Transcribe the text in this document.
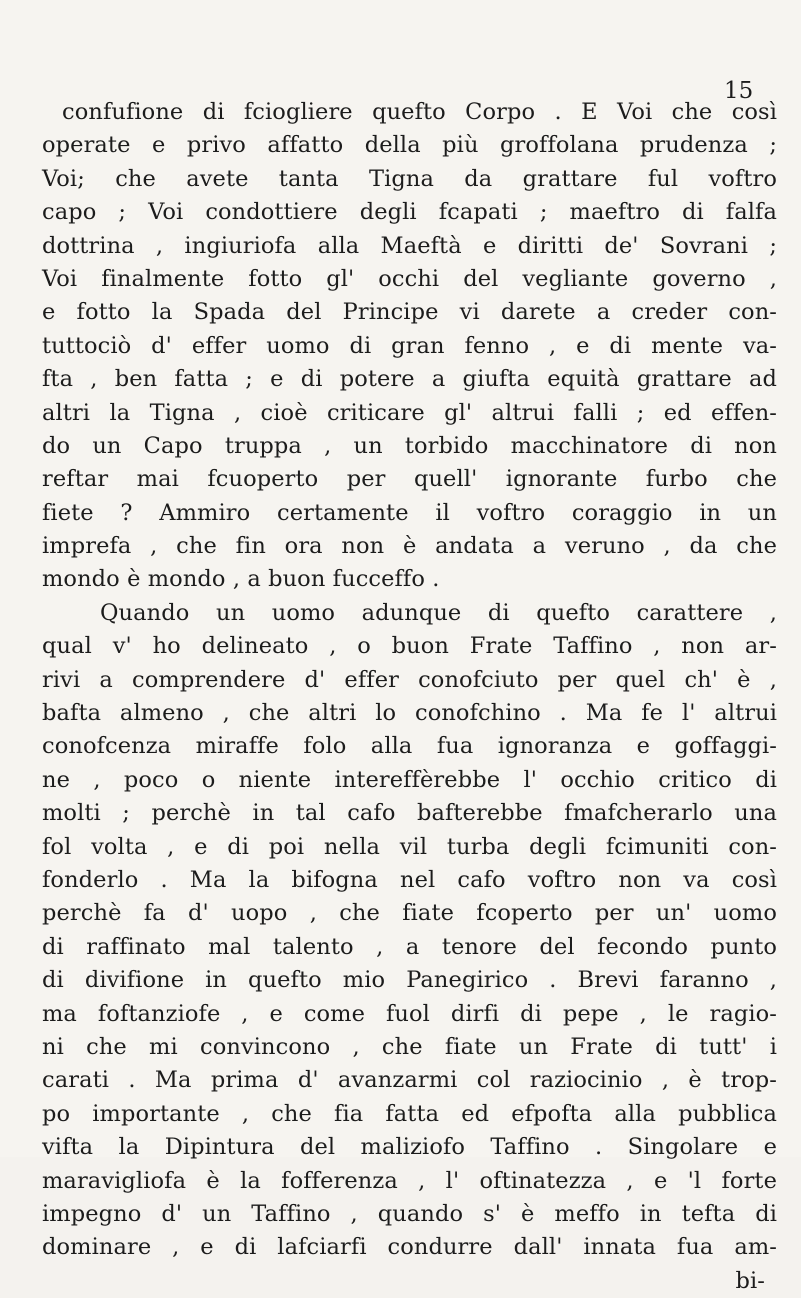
15
confufione di fciogliere quefto Corpo . E Voi che così
operate e privo affatto della più groffolana prudenza ;
Voi; che avete tanta Tigna da grattare ful voftro
capo ; Voi condottiere degli fcapati ; maeftro di falfa
dottrina , ingiuriofa alla Maeftà e diritti de' Sovrani ;
Voi finalmente fotto gl' occhi del vegliante governo ,
e fotto la Spada del Principe vi darete a creder con-
tuttociò d' effer uomo di gran fenno , e di mente va-
fta , ben fatta ; e di potere a giufta equità grattare ad
altri la Tigna , cioè criticare gl' altrui falli ; ed effen-
do un Capo truppa , un torbido macchinatore di non
reftar mai fcuoperto per quell' ignorante furbo che
fiete ? Ammiro certamente il voftro coraggio in un
imprefa , che fin ora non è andata a veruno , da che
mondo è mondo , a buon fucceffo .
Quando un uomo adunque di quefto carattere ,
qual v' ho delineato , o buon Frate Taffino , non ar-
rivi a comprendere d' effer conofciuto per quel ch' è ,
bafta almeno , che altri lo conofchino . Ma fe l' altrui
conofcenza miraffe folo alla fua ignoranza e goffaggi-
ne , poco o niente intereffèrebbe l' occhio critico di
molti ; perchè in tal cafo bafterebbe fmafcherarlo una
fol volta , e di poi nella vil turba degli fcimuniti con-
fonderlo . Ma la bifogna nel cafo voftro non va così
perchè fa d' uopo , che fiate fcoperto per un' uomo
di raffinato mal talento , a tenore del fecondo punto
di divifione in quefto mio Panegirico . Brevi faranno ,
ma foftanziofe , e come fuol dirfi di pepe , le ragio-
ni che mi convincono , che fiate un Frate di tutt' i
carati . Ma prima d' avanzarmi col raziocinio , è trop-
po importante , che fia fatta ed efpofta alla pubblica
vifta la Dipintura del maliziofo Taffino . Singolare e
maravigliofa è la fofferenza , l' oftinatezza , e 'l forte
impegno d' un Taffino , quando s' è meffo in tefta di
dominare , e di lafciarfi condurre dall' innata fua am-
bi-
